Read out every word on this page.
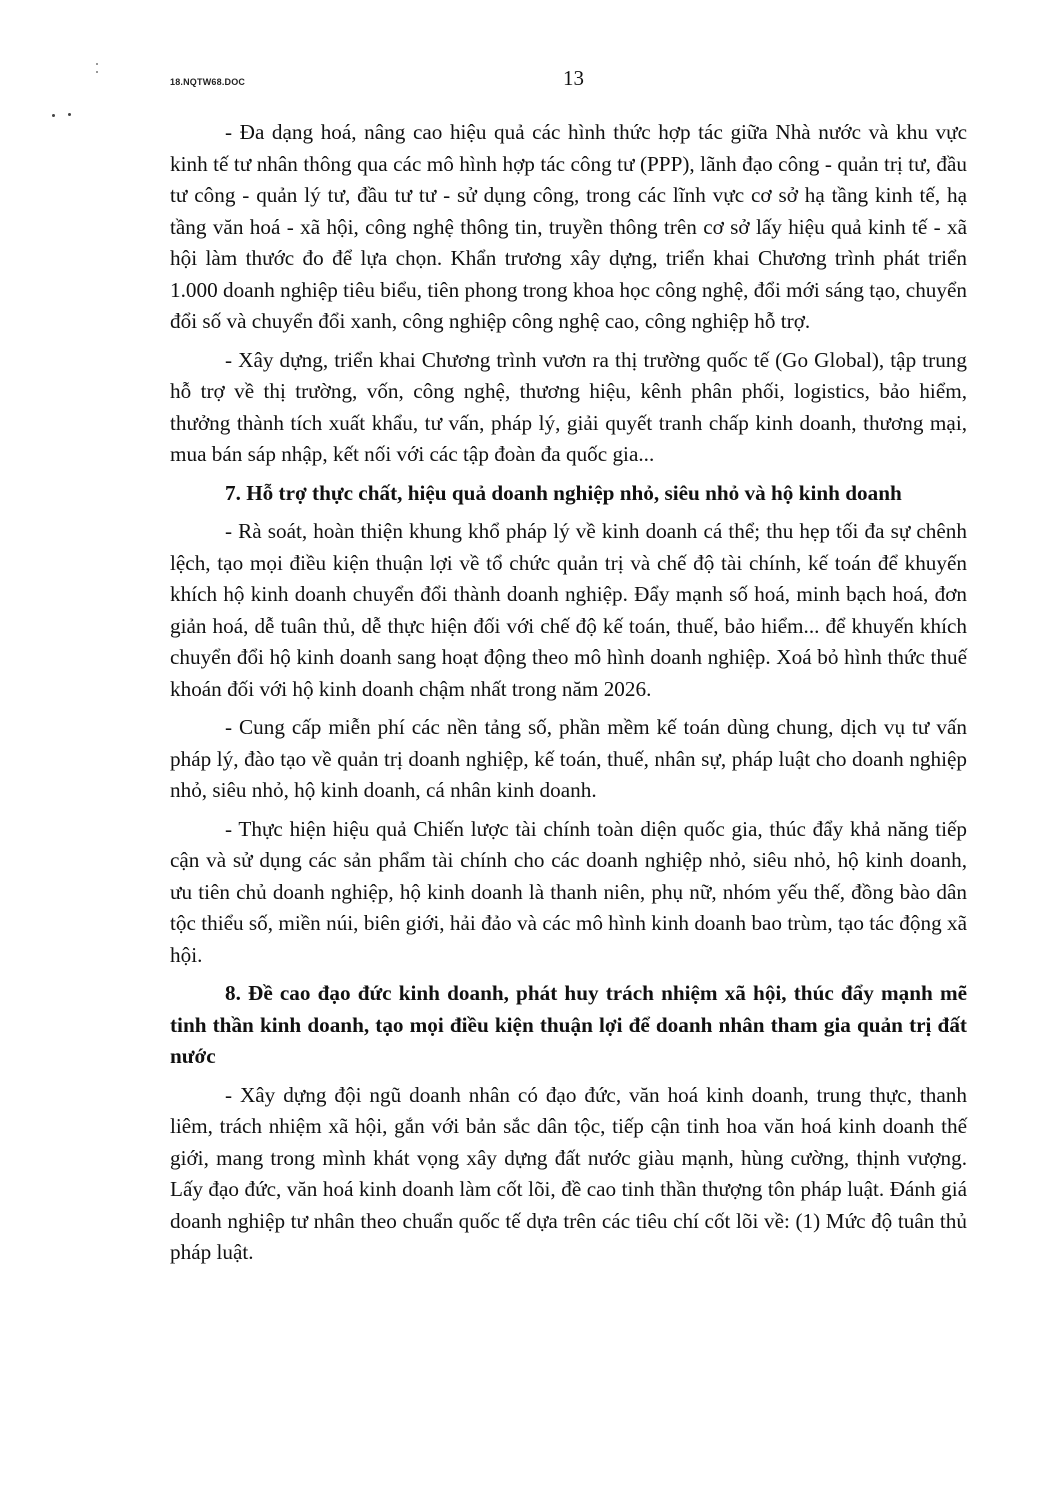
18.NQTW68.DOC	13

- Đa dạng hoá, nâng cao hiệu quả các hình thức hợp tác giữa Nhà nước và khu vực kinh tế tư nhân thông qua các mô hình hợp tác công tư (PPP), lãnh đạo công - quản trị tư, đầu tư công - quản lý tư, đầu tư tư - sử dụng công, trong các lĩnh vực cơ sở hạ tầng kinh tế, hạ tầng văn hoá - xã hội, công nghệ thông tin, truyền thông trên cơ sở lấy hiệu quả kinh tế - xã hội làm thước đo để lựa chọn. Khẩn trương xây dựng, triển khai Chương trình phát triển 1.000 doanh nghiệp tiêu biểu, tiên phong trong khoa học công nghệ, đổi mới sáng tạo, chuyển đổi số và chuyển đổi xanh, công nghiệp công nghệ cao, công nghiệp hỗ trợ.

- Xây dựng, triển khai Chương trình vươn ra thị trường quốc tế (Go Global), tập trung hỗ trợ về thị trường, vốn, công nghệ, thương hiệu, kênh phân phối, logistics, bảo hiểm, thưởng thành tích xuất khẩu, tư vấn, pháp lý, giải quyết tranh chấp kinh doanh, thương mại, mua bán sáp nhập, kết nối với các tập đoàn đa quốc gia...

7. Hỗ trợ thực chất, hiệu quả doanh nghiệp nhỏ, siêu nhỏ và hộ kinh doanh

- Rà soát, hoàn thiện khung khổ pháp lý về kinh doanh cá thể; thu hẹp tối đa sự chênh lệch, tạo mọi điều kiện thuận lợi về tổ chức quản trị và chế độ tài chính, kế toán để khuyến khích hộ kinh doanh chuyển đổi thành doanh nghiệp. Đẩy mạnh số hoá, minh bạch hoá, đơn giản hoá, dễ tuân thủ, dễ thực hiện đối với chế độ kế toán, thuế, bảo hiểm... để khuyến khích chuyển đổi hộ kinh doanh sang hoạt động theo mô hình doanh nghiệp. Xoá bỏ hình thức thuế khoán đối với hộ kinh doanh chậm nhất trong năm 2026.

- Cung cấp miễn phí các nền tảng số, phần mềm kế toán dùng chung, dịch vụ tư vấn pháp lý, đào tạo về quản trị doanh nghiệp, kế toán, thuế, nhân sự, pháp luật cho doanh nghiệp nhỏ, siêu nhỏ, hộ kinh doanh, cá nhân kinh doanh.

- Thực hiện hiệu quả Chiến lược tài chính toàn diện quốc gia, thúc đẩy khả năng tiếp cận và sử dụng các sản phẩm tài chính cho các doanh nghiệp nhỏ, siêu nhỏ, hộ kinh doanh, ưu tiên chủ doanh nghiệp, hộ kinh doanh là thanh niên, phụ nữ, nhóm yếu thế, đồng bào dân tộc thiểu số, miền núi, biên giới, hải đảo và các mô hình kinh doanh bao trùm, tạo tác động xã hội.

8. Đề cao đạo đức kinh doanh, phát huy trách nhiệm xã hội, thúc đẩy mạnh mẽ tinh thần kinh doanh, tạo mọi điều kiện thuận lợi để doanh nhân tham gia quản trị đất nước

- Xây dựng đội ngũ doanh nhân có đạo đức, văn hoá kinh doanh, trung thực, thanh liêm, trách nhiệm xã hội, gắn với bản sắc dân tộc, tiếp cận tinh hoa văn hoá kinh doanh thế giới, mang trong mình khát vọng xây dựng đất nước giàu mạnh, hùng cường, thịnh vượng. Lấy đạo đức, văn hoá kinh doanh làm cốt lõi, đề cao tinh thần thượng tôn pháp luật. Đánh giá doanh nghiệp tư nhân theo chuẩn quốc tế dựa trên các tiêu chí cốt lõi về: (1) Mức độ tuân thủ pháp luật.
